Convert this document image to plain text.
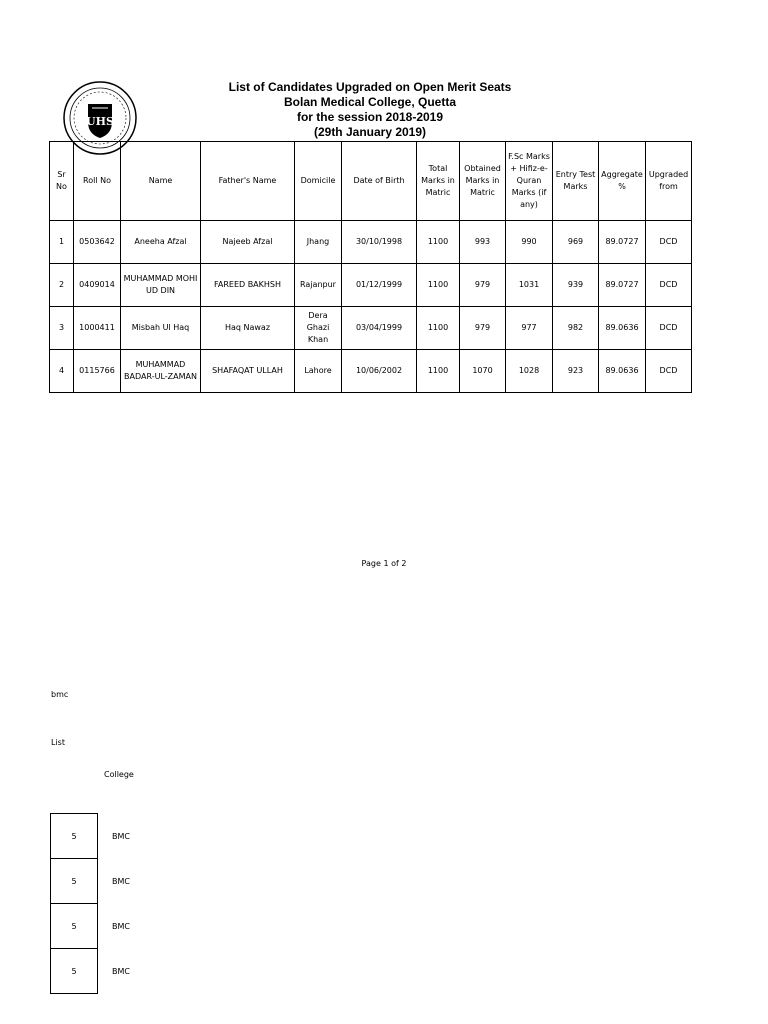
UHS
List of Candidates Upgraded on Open Merit Seats
Bolan Medical College, Quetta
for the session 2018-2019
(29th January 2019)
Sr No	Roll No	Name	Father's Name	Domicile	Date of Birth	Total Marks in Matric	Obtained Marks in Matric	F.Sc Marks + Hifiz-e-Quran Marks (if any)	Entry Test Marks	Aggregate %	Upgraded from
1	0503642	Aneeha Afzal	Najeeb Afzal	Jhang	30/10/1998	1100	993	990	969	89.0727	DCD
2	0409014	MUHAMMAD MOHI UD DIN	FAREED BAKHSH	Rajanpur	01/12/1999	1100	979	1031	939	89.0727	DCD
3	1000411	Misbah Ul Haq	Haq Nawaz	Dera Ghazi Khan	03/04/1999	1100	979	977	982	89.0636	DCD
4	0115766	MUHAMMAD BADAR-UL-ZAMAN	SHAFAQAT ULLAH	Lahore	10/06/2002	1100	1070	1028	923	89.0636	DCD
Page 1 of 2
bmc
List
College
5	BMC
5	BMC
5	BMC
5	BMC
